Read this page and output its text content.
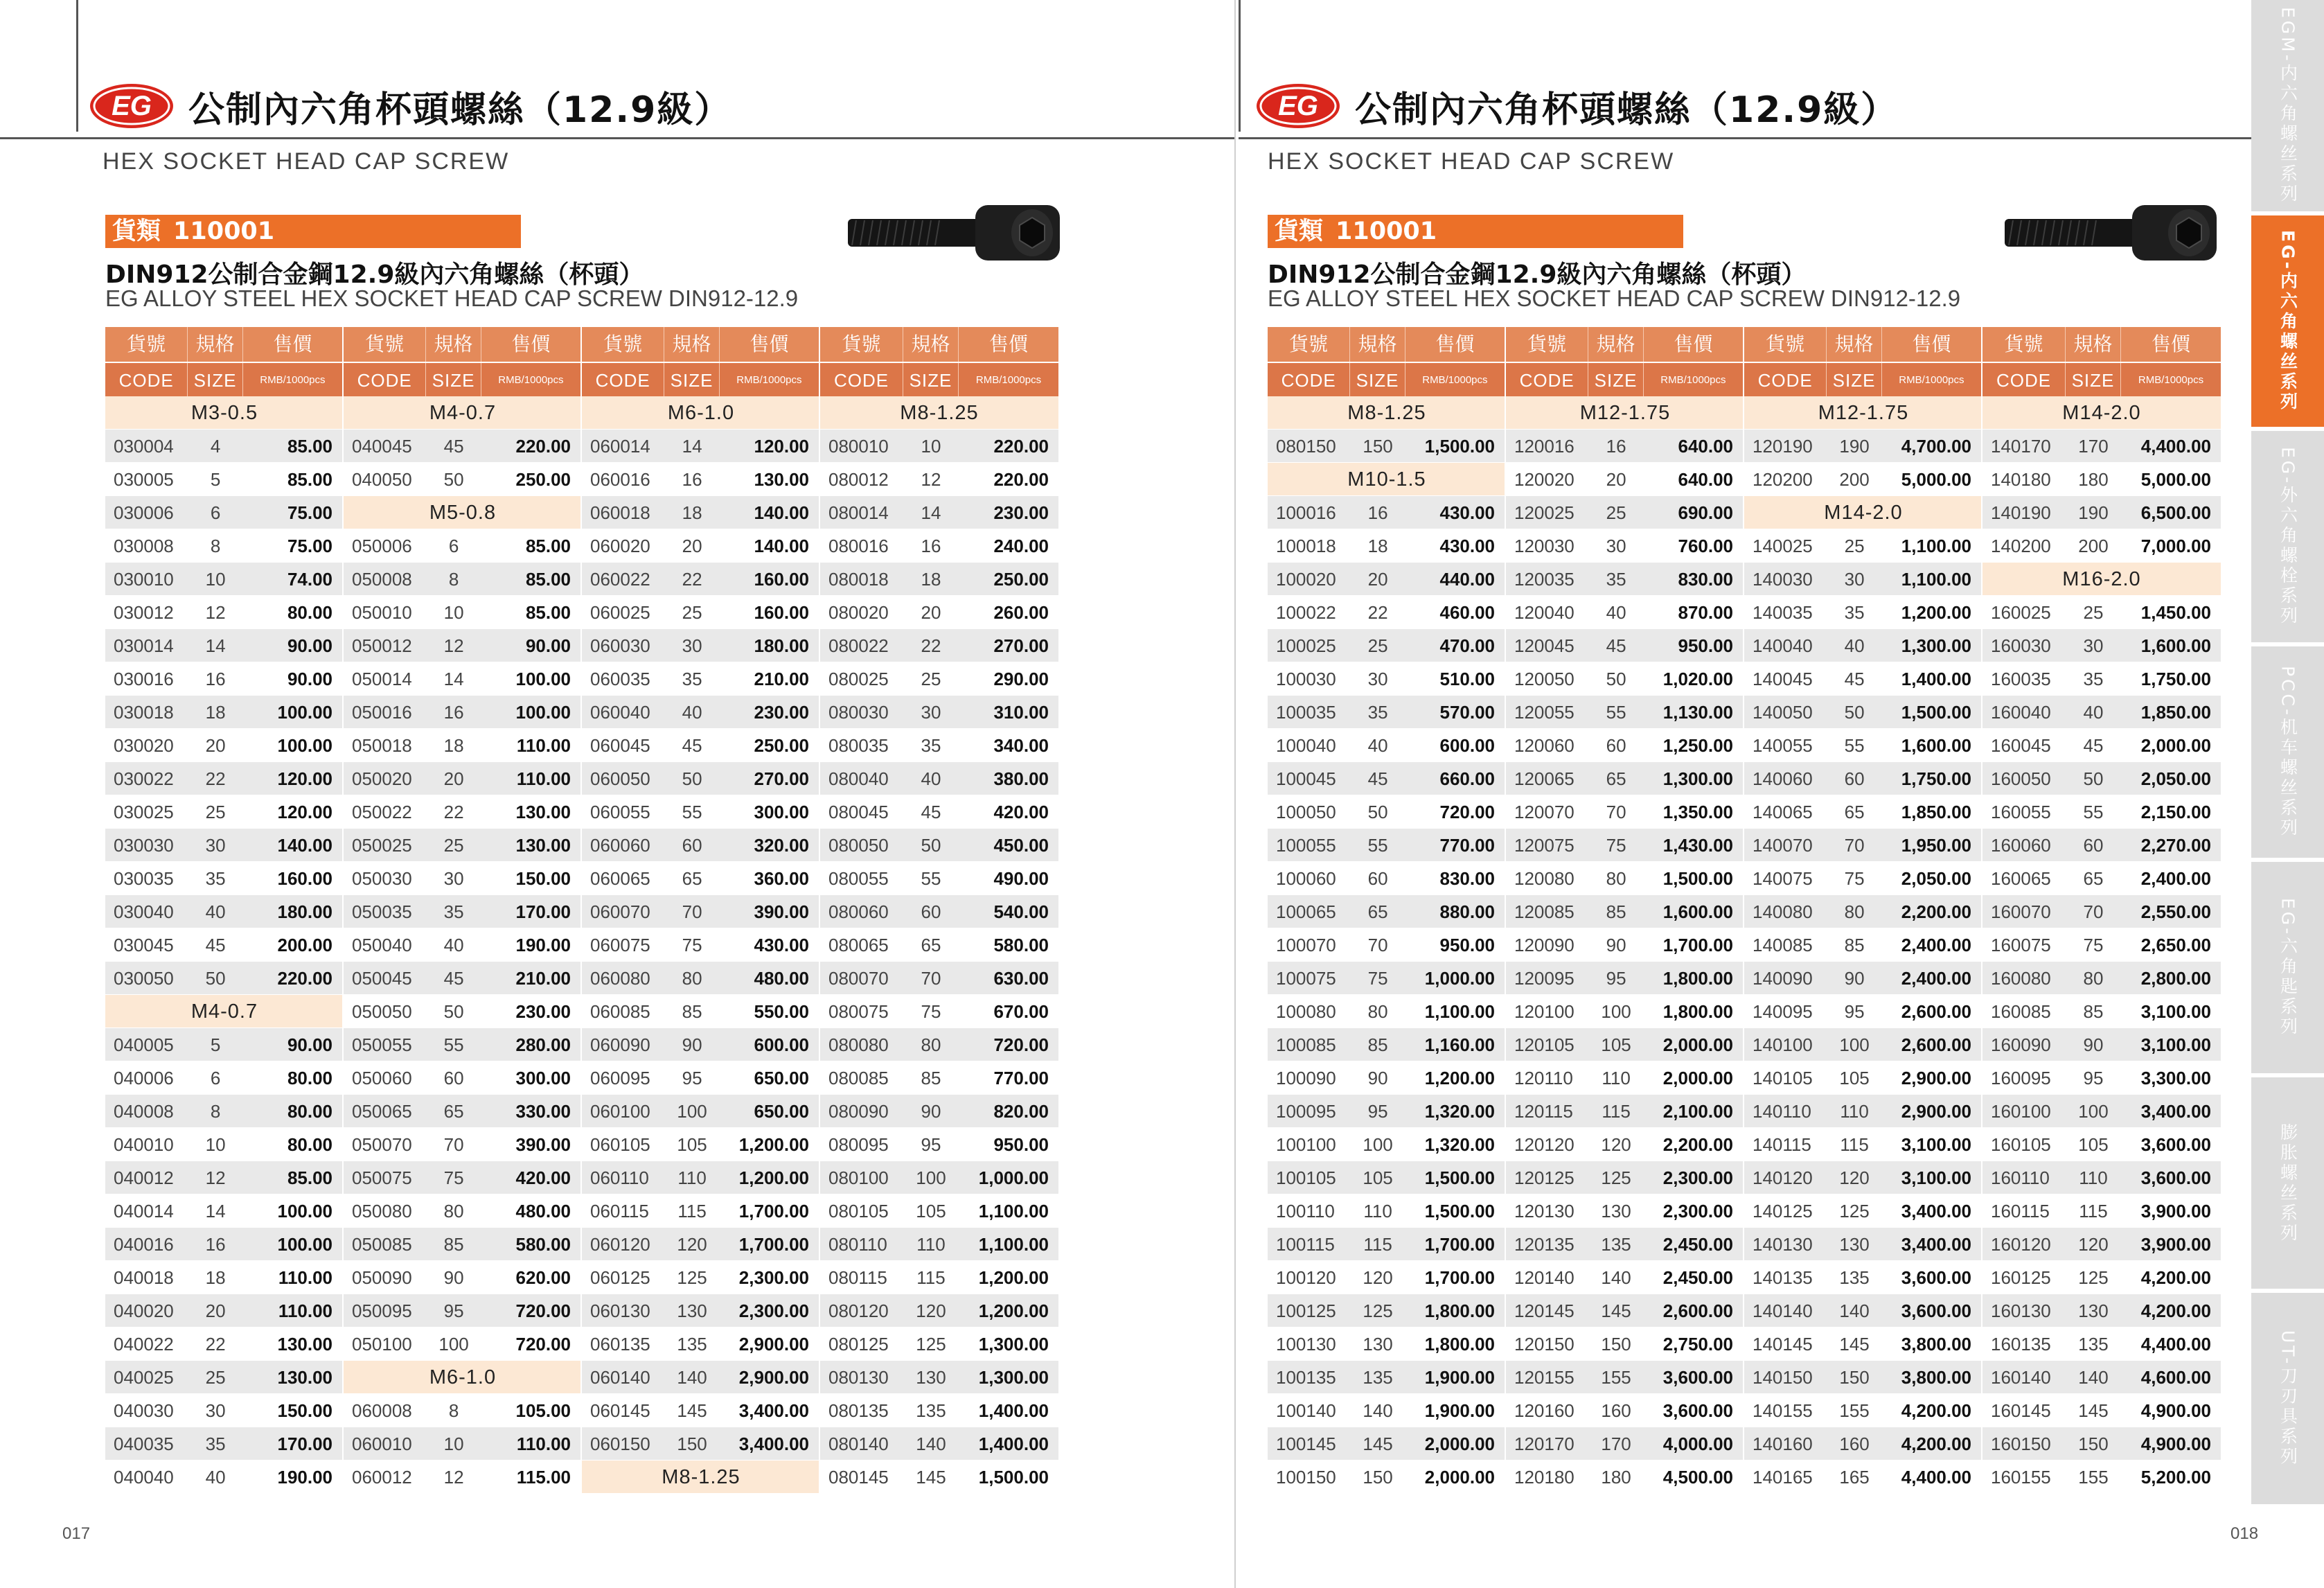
EG 公制內六角杯頭螺絲（12.9級）
HEX SOCKET HEAD CAP SCREW
貨類 110001
DIN912公制合金鋼12.9級內六角螺絲（杯頭）
EG ALLOY STEEL HEX SOCKET HEAD CAP SCREW DIN912-12.9
貨號	規格	售價
CODE	SIZE	RMB/1000pcs
M3-0.5
030004	4	85.00
030005	5	85.00
030006	6	75.00
030008	8	75.00
030010	10	74.00
030012	12	80.00
030014	14	90.00
030016	16	90.00
030018	18	100.00
030020	20	100.00
030022	22	120.00
030025	25	120.00
030030	30	140.00
030035	35	160.00
030040	40	180.00
030045	45	200.00
030050	50	220.00
M4-0.7
040005	5	90.00
040006	6	80.00
040008	8	80.00
040010	10	80.00
040012	12	85.00
040014	14	100.00
040016	16	100.00
040018	18	110.00
040020	20	110.00
040022	22	130.00
040025	25	130.00
040030	30	150.00
040035	35	170.00
040040	40	190.00
貨號	規格	售價
CODE	SIZE	RMB/1000pcs
M4-0.7
040045	45	220.00
040050	50	250.00
M5-0.8
050006	6	85.00
050008	8	85.00
050010	10	85.00
050012	12	90.00
050014	14	100.00
050016	16	100.00
050018	18	110.00
050020	20	110.00
050022	22	130.00
050025	25	130.00
050030	30	150.00
050035	35	170.00
050040	40	190.00
050045	45	210.00
050050	50	230.00
050055	55	280.00
050060	60	300.00
050065	65	330.00
050070	70	390.00
050075	75	420.00
050080	80	480.00
050085	85	580.00
050090	90	620.00
050095	95	720.00
050100	100	720.00
M6-1.0
060008	8	105.00
060010	10	110.00
060012	12	115.00
貨號	規格	售價
CODE	SIZE	RMB/1000pcs
M6-1.0
060014	14	120.00
060016	16	130.00
060018	18	140.00
060020	20	140.00
060022	22	160.00
060025	25	160.00
060030	30	180.00
060035	35	210.00
060040	40	230.00
060045	45	250.00
060050	50	270.00
060055	55	300.00
060060	60	320.00
060065	65	360.00
060070	70	390.00
060075	75	430.00
060080	80	480.00
060085	85	550.00
060090	90	600.00
060095	95	650.00
060100	100	650.00
060105	105	1,200.00
060110	110	1,200.00
060115	115	1,700.00
060120	120	1,700.00
060125	125	2,300.00
060130	130	2,300.00
060135	135	2,900.00
060140	140	2,900.00
060145	145	3,400.00
060150	150	3,400.00
M8-1.25
貨號	規格	售價
CODE	SIZE	RMB/1000pcs
M8-1.25
080010	10	220.00
080012	12	220.00
080014	14	230.00
080016	16	240.00
080018	18	250.00
080020	20	260.00
080022	22	270.00
080025	25	290.00
080030	30	310.00
080035	35	340.00
080040	40	380.00
080045	45	420.00
080050	50	450.00
080055	55	490.00
080060	60	540.00
080065	65	580.00
080070	70	630.00
080075	75	670.00
080080	80	720.00
080085	85	770.00
080090	90	820.00
080095	95	950.00
080100	100	1,000.00
080105	105	1,100.00
080110	110	1,100.00
080115	115	1,200.00
080120	120	1,200.00
080125	125	1,300.00
080130	130	1,300.00
080135	135	1,400.00
080140	140	1,400.00
080145	145	1,500.00
017
EG 公制內六角杯頭螺絲（12.9級）
HEX SOCKET HEAD CAP SCREW
貨類 110001
DIN912公制合金鋼12.9級內六角螺絲（杯頭）
EG ALLOY STEEL HEX SOCKET HEAD CAP SCREW DIN912-12.9
貨號	規格	售價
CODE	SIZE	RMB/1000pcs
M8-1.25
080150	150	1,500.00
M10-1.5
100016	16	430.00
100018	18	430.00
100020	20	440.00
100022	22	460.00
100025	25	470.00
100030	30	510.00
100035	35	570.00
100040	40	600.00
100045	45	660.00
100050	50	720.00
100055	55	770.00
100060	60	830.00
100065	65	880.00
100070	70	950.00
100075	75	1,000.00
100080	80	1,100.00
100085	85	1,160.00
100090	90	1,200.00
100095	95	1,320.00
100100	100	1,320.00
100105	105	1,500.00
100110	110	1,500.00
100115	115	1,700.00
100120	120	1,700.00
100125	125	1,800.00
100130	130	1,800.00
100135	135	1,900.00
100140	140	1,900.00
100145	145	2,000.00
100150	150	2,000.00
貨號	規格	售價
CODE	SIZE	RMB/1000pcs
M12-1.75
120016	16	640.00
120020	20	640.00
120025	25	690.00
120030	30	760.00
120035	35	830.00
120040	40	870.00
120045	45	950.00
120050	50	1,020.00
120055	55	1,130.00
120060	60	1,250.00
120065	65	1,300.00
120070	70	1,350.00
120075	75	1,430.00
120080	80	1,500.00
120085	85	1,600.00
120090	90	1,700.00
120095	95	1,800.00
120100	100	1,800.00
120105	105	2,000.00
120110	110	2,000.00
120115	115	2,100.00
120120	120	2,200.00
120125	125	2,300.00
120130	130	2,300.00
120135	135	2,450.00
120140	140	2,450.00
120145	145	2,600.00
120150	150	2,750.00
120155	155	3,600.00
120160	160	3,600.00
120170	170	4,000.00
120180	180	4,500.00
貨號	規格	售價
CODE	SIZE	RMB/1000pcs
M12-1.75
120190	190	4,700.00
120200	200	5,000.00
M14-2.0
140025	25	1,100.00
140030	30	1,100.00
140035	35	1,200.00
140040	40	1,300.00
140045	45	1,400.00
140050	50	1,500.00
140055	55	1,600.00
140060	60	1,750.00
140065	65	1,850.00
140070	70	1,950.00
140075	75	2,050.00
140080	80	2,200.00
140085	85	2,400.00
140090	90	2,400.00
140095	95	2,600.00
140100	100	2,600.00
140105	105	2,900.00
140110	110	2,900.00
140115	115	3,100.00
140120	120	3,100.00
140125	125	3,400.00
140130	130	3,400.00
140135	135	3,600.00
140140	140	3,600.00
140145	145	3,800.00
140150	150	3,800.00
140155	155	4,200.00
140160	160	4,200.00
140165	165	4,400.00
貨號	規格	售價
CODE	SIZE	RMB/1000pcs
M14-2.0
140170	170	4,400.00
140180	180	5,000.00
140190	190	6,500.00
140200	200	7,000.00
M16-2.0
160025	25	1,450.00
160030	30	1,600.00
160035	35	1,750.00
160040	40	1,850.00
160045	45	2,000.00
160050	50	2,050.00
160055	55	2,150.00
160060	60	2,270.00
160065	65	2,400.00
160070	70	2,550.00
160075	75	2,650.00
160080	80	2,800.00
160085	85	3,100.00
160090	90	3,100.00
160095	95	3,300.00
160100	100	3,400.00
160105	105	3,600.00
160110	110	3,600.00
160115	115	3,900.00
160120	120	3,900.00
160125	125	4,200.00
160130	130	4,200.00
160135	135	4,400.00
160140	140	4,600.00
160145	145	4,900.00
160150	150	4,900.00
160155	155	5,200.00
018
EGM-内六角螺丝系列
EG-内六角螺丝系列
EG-外六角螺栓系列
PCC-机车螺丝系列
EG-六角匙系列
膨胀螺丝系列
UT-刀刃具系列
